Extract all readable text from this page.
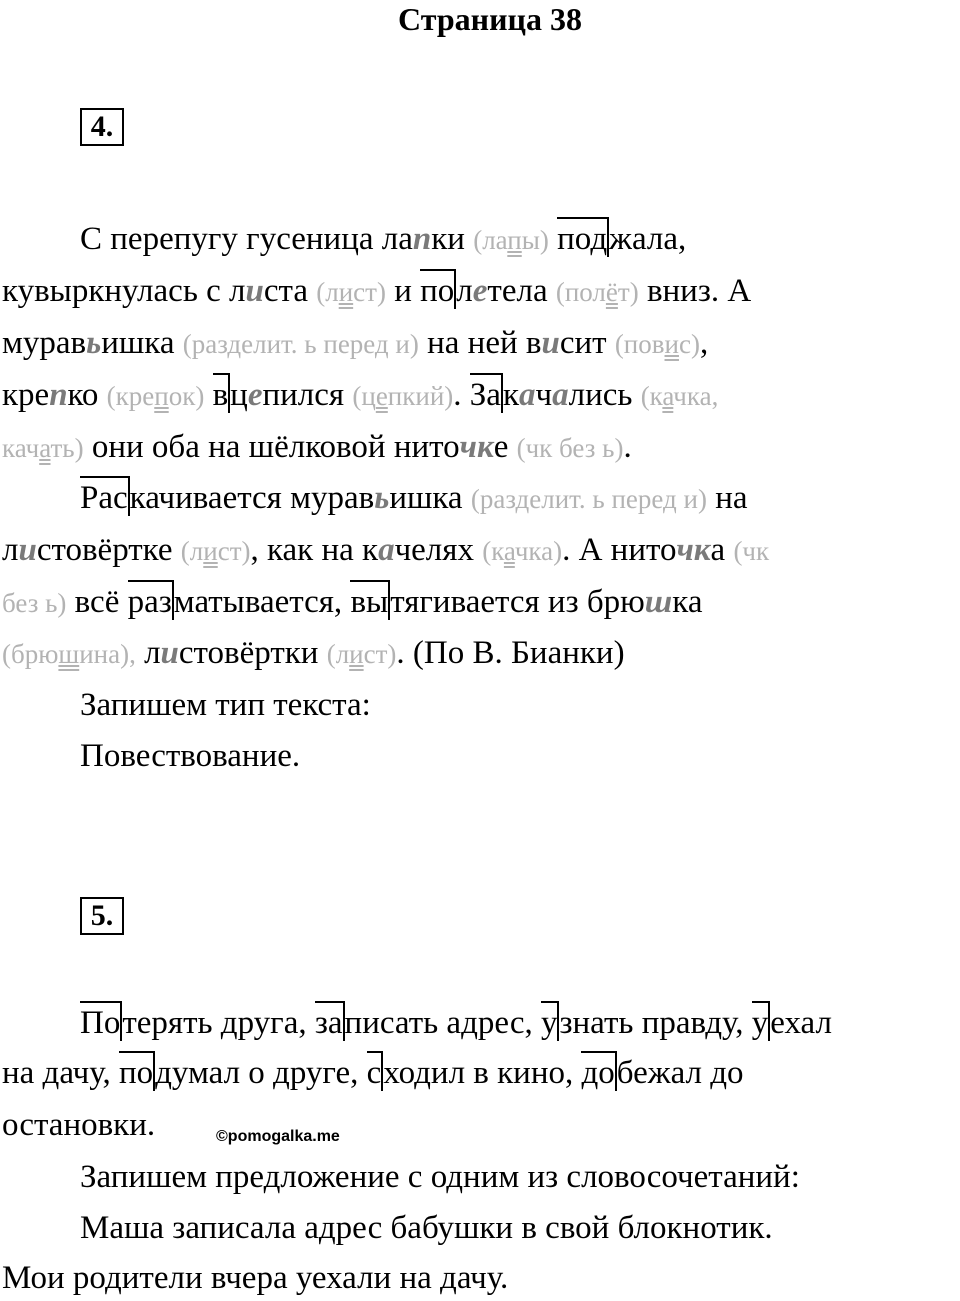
Страница 38
4.
С перепугу гусеница лапки (лапы) поджала,
кувыркнулась с листа (лист) и полетела (полёт) вниз. А
муравьишка (разделит. ь перед и) на ней висит (повис),
крепко (крепок) вцепился (цепкий). Закачались (качка,
качать) они оба на шёлковой ниточке (чк без ь).
Раскачивается муравьишка (разделит. ь перед и) на
листовёртке (лист), как на качелях (качка). А ниточка (чк
без ь) всё разматывается, вытягивается из брюшка
(брюшина), листовёртки (лист). (По В. Бианки)
Запишем тип текста:
Повествование.
5.
Потерять друга, записать адрес, узнать правду, уехал
на дачу, подумал о друге, сходил в кино, добежал до
остановки.	©pomogalka.me
Запишем предложение с одним из словосочетаний:
Маша записала адрес бабушки в свой блокнотик.
Мои родители вчера уехали на дачу.
